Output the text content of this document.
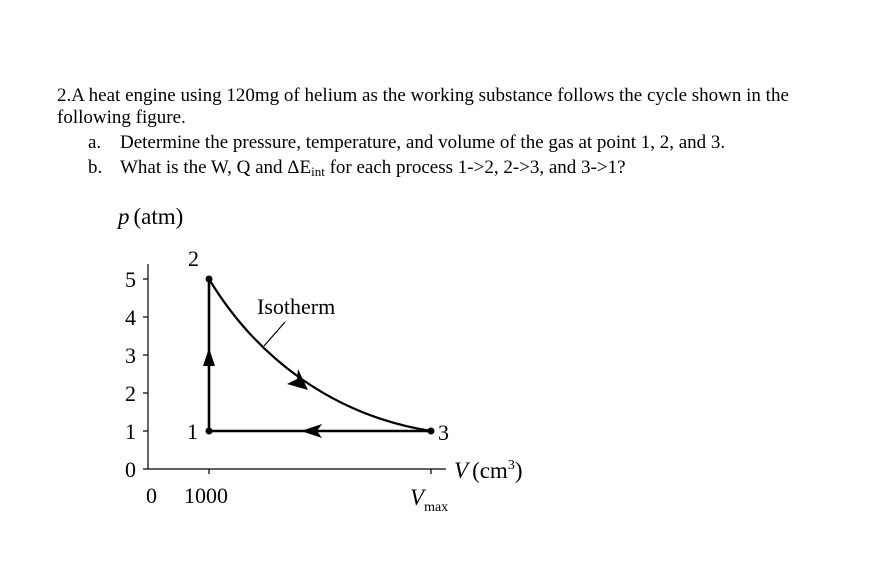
2.A heat engine using 120mg of helium as the working substance follows the cycle shown in the
following figure.
a. Determine the pressure, temperature, and volume of the gas at point 1, 2, and 3.
b. What is the W, Q and ΔEint for each process 1->2, 2->3, and 3->1?
p (atm)
V $(cm^3)$
0
1
2
3
4
5
0 1000	$V_{max}$
1
2
3
Isotherm
